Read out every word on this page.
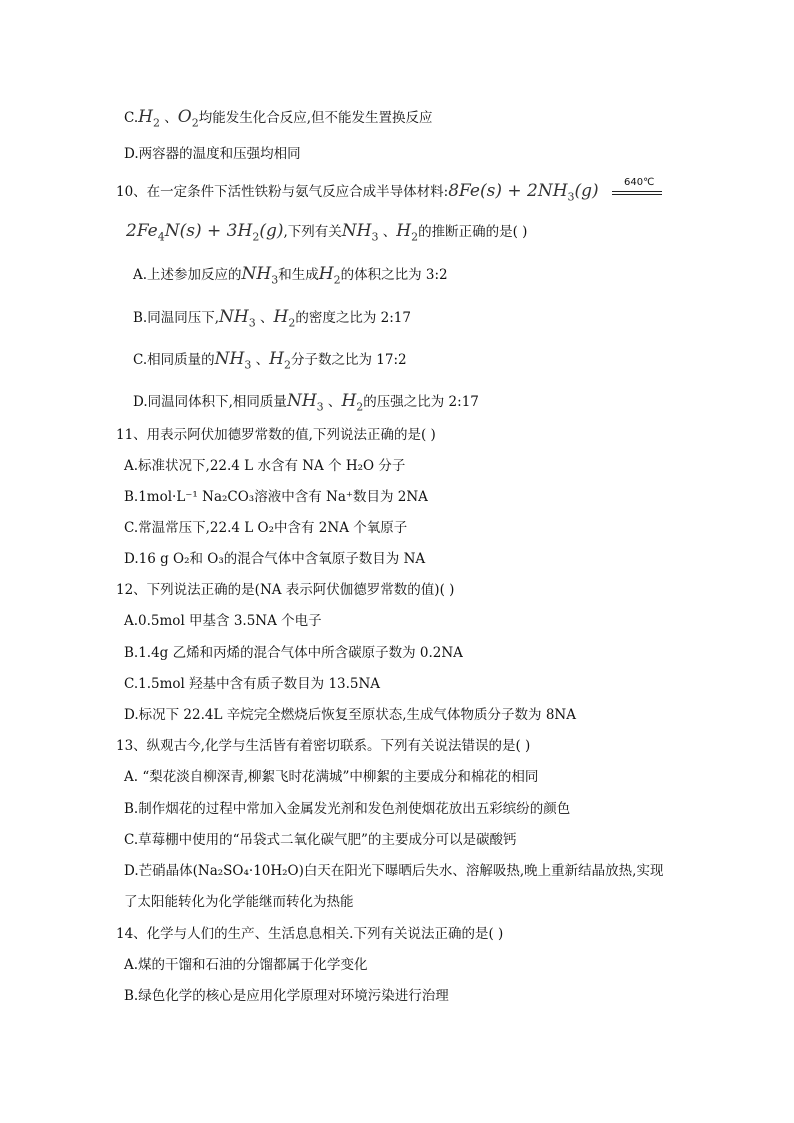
$C.H_2$ 、$O_2$均能发生化合反应,但不能发生置换反应
D.两容器的温度和压强均相同
10、在一定条件下活性铁粉与氨气反应合成半导体材料:8Fe(s) + $2NH_3(g)$	640℃
$2Fe_4N(s) + 3H_2(g)$,下列有关$NH_3$ 、$H_2$的推断正确的是( )
A.上述参加反应的$NH_3$和生成$H_2$的体积之比为 3:2
B.同温同压下$,NH_3$ 、$H_2$的密度之比为 2:17
C.相同质量的$NH_3$ 、$H_2$分子数之比为 17:2
D.同温同体积下,相同质量$NH_3$ 、$H_2$的压强之比为 2:17
11、用表示阿伏加德罗常数的值,下列说法正确的是( )
A.标准状况下,22.4 L 水含有 NA 个 H₂O 分子
B.1mol·L⁻¹ Na₂CO₃溶液中含有 Na⁺数目为 2NA
C.常温常压下,22.4 L O₂中含有 2NA 个氧原子
D.16 g O₂和 O₃的混合气体中含氧原子数目为 NA
12、下列说法正确的是(NA 表示阿伏伽德罗常数的值)( )
A.0.5mol 甲基含 3.5NA 个电子
B.1.4g 乙烯和丙烯的混合气体中所含碳原子数为 0.2NA
C.1.5mol 羟基中含有质子数目为 13.5NA
D.标况下 22.4L 辛烷完全燃烧后恢复至原状态,生成气体物质分子数为 8NA
13、纵观古今,化学与生活皆有着密切联系。下列有关说法错误的是( )
A. “梨花淡自柳深青,柳絮飞时花满城”中柳絮的主要成分和棉花的相同
B.制作烟花的过程中常加入金属发光剂和发色剂使烟花放出五彩缤纷的颜色
C.草莓棚中使用的“吊袋式二氧化碳气肥”的主要成分可以是碳酸钙
D.芒硝晶体(Na₂SO₄·10H₂O)白天在阳光下曝晒后失水、溶解吸热,晚上重新结晶放热,实现
了太阳能转化为化学能继而转化为热能
14、化学与人们的生产、生活息息相关.下列有关说法正确的是( )
A.煤的干馏和石油的分馏都属于化学变化
B.绿色化学的核心是应用化学原理对环境污染进行治理
